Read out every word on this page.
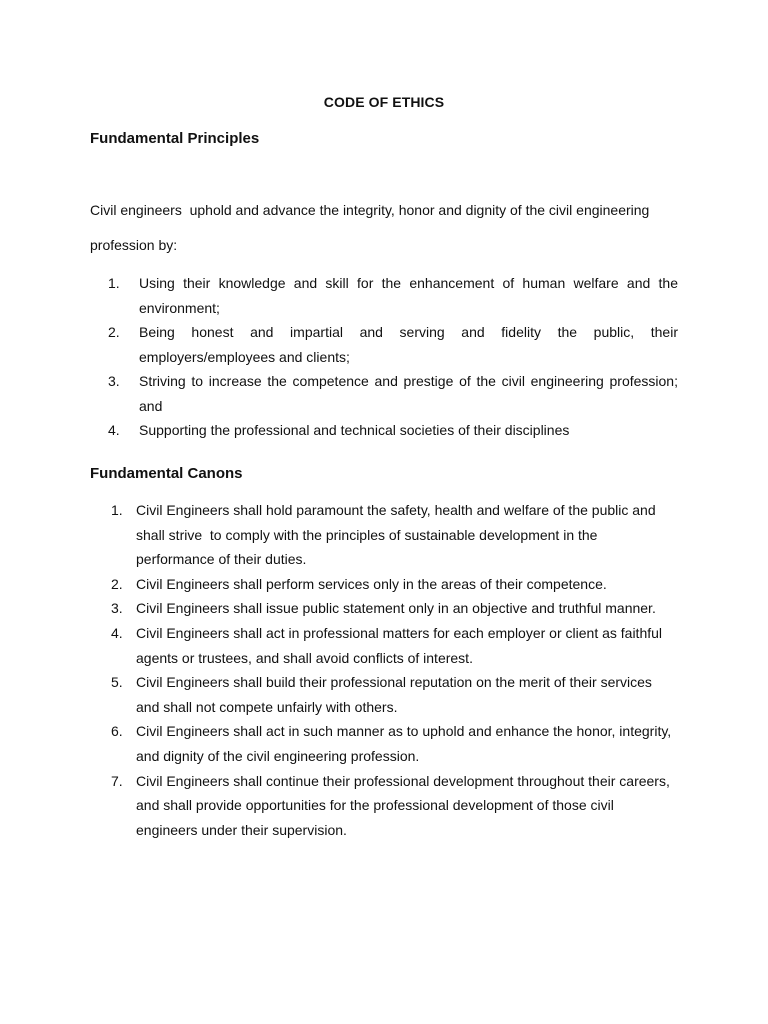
CODE OF ETHICS
Fundamental Principles
Civil engineers  uphold and advance the integrity, honor and dignity of the civil engineering
profession by:
1. Using their knowledge and skill for the enhancement of human welfare and the environment;
2. Being honest and impartial and serving and fidelity the public, their employers/employees and clients;
3. Striving to increase the competence and prestige of the civil engineering profession; and
4. Supporting the professional and technical societies of their disciplines
Fundamental Canons
1. Civil Engineers shall hold paramount the safety, health and welfare of the public and shall strive  to comply with the principles of sustainable development in the performance of their duties.
2. Civil Engineers shall perform services only in the areas of their competence.
3. Civil Engineers shall issue public statement only in an objective and truthful manner.
4. Civil Engineers shall act in professional matters for each employer or client as faithful agents or trustees, and shall avoid conflicts of interest.
5. Civil Engineers shall build their professional reputation on the merit of their services and shall not compete unfairly with others.
6. Civil Engineers shall act in such manner as to uphold and enhance the honor, integrity, and dignity of the civil engineering profession.
7. Civil Engineers shall continue their professional development throughout their careers, and shall provide opportunities for the professional development of those civil engineers under their supervision.
